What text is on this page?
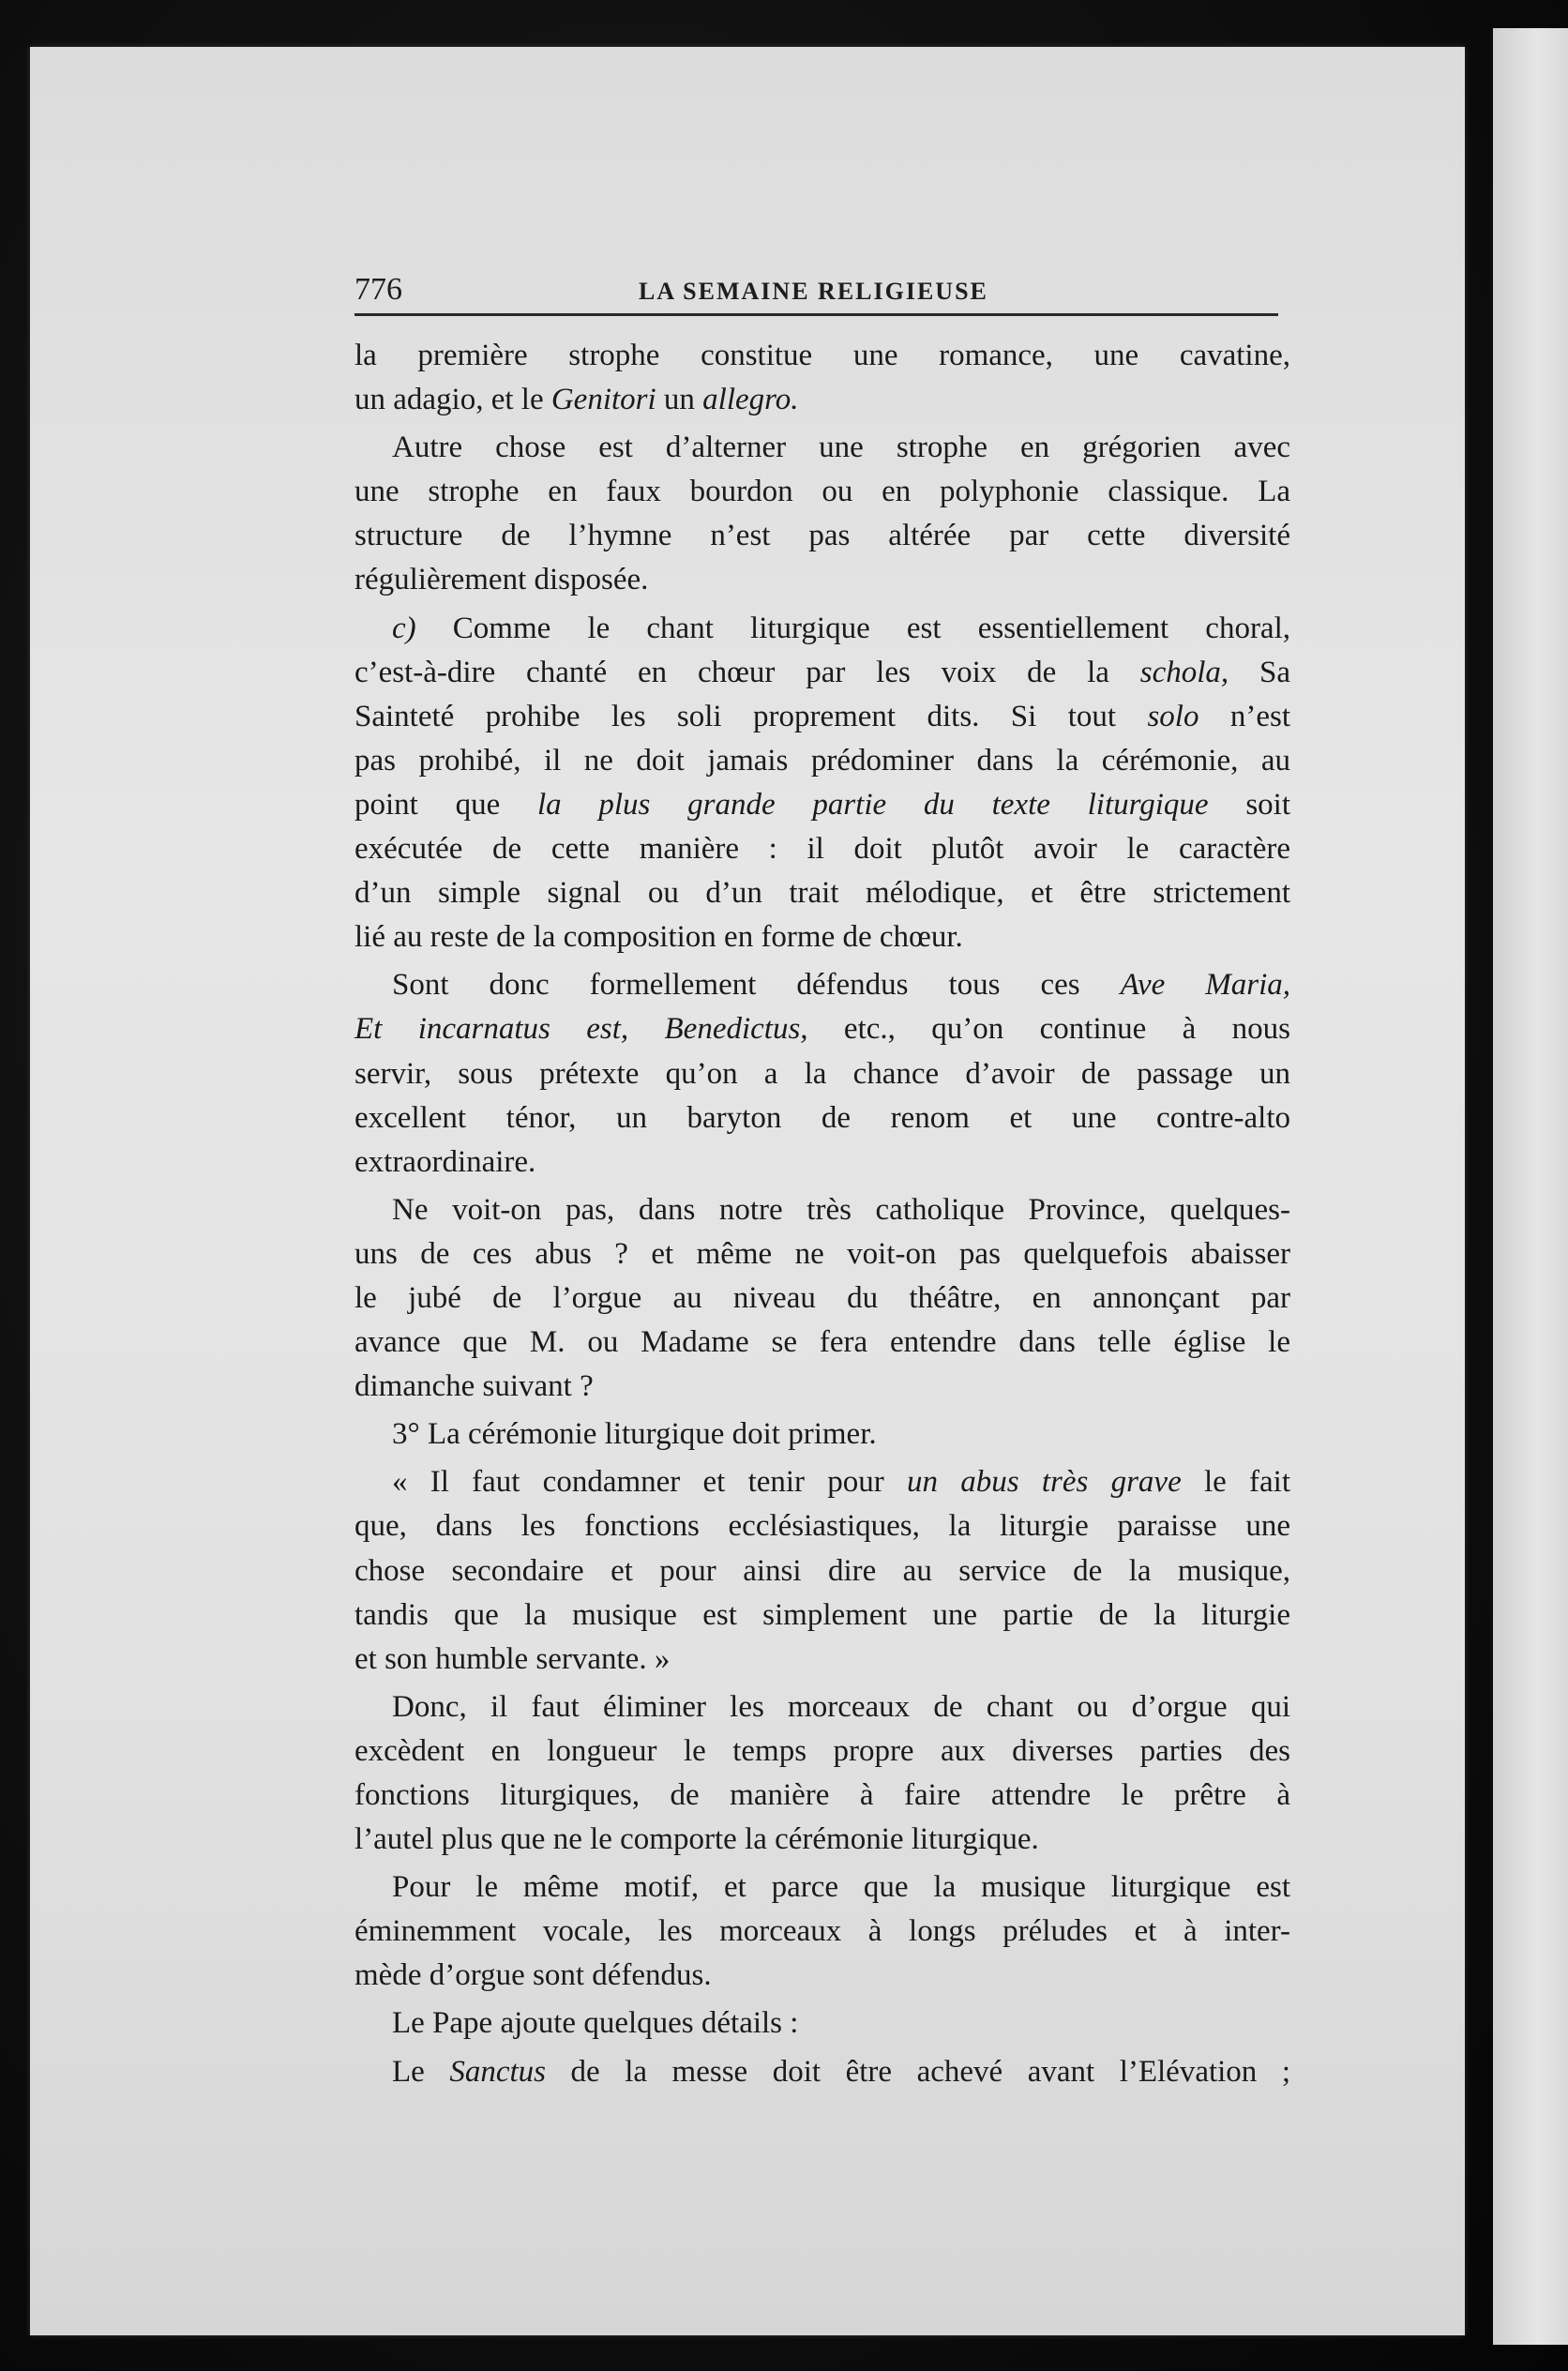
776	LA SEMAINE RELIGIEUSE
la première strophe constitue une romance, une cavatine,
un adagio, et le Genitori un allegro.
Autre chose est d’alterner une strophe en grégorien avec
une strophe en faux bourdon ou en polyphonie classique. La
structure de l’hymne n’est pas altérée par cette diversité
régulièrement disposée.
c) Comme le chant liturgique est essentiellement choral,
c’est-à-dire chanté en chœur par les voix de la schola, Sa
Sainteté prohibe les soli proprement dits. Si tout solo n’est
pas prohibé, il ne doit jamais prédominer dans la cérémonie, au
point que la plus grande partie du texte liturgique soit
exécutée de cette manière : il doit plutôt avoir le caractère
d’un simple signal ou d’un trait mélodique, et être strictement
lié au reste de la composition en forme de chœur.
Sont donc formellement défendus tous ces Ave Maria,
Et incarnatus est, Benedictus, etc., qu’on continue à nous
servir, sous prétexte qu’on a la chance d’avoir de passage un
excellent ténor, un baryton de renom et une contre-alto
extraordinaire.
Ne voit-on pas, dans notre très catholique Province, quelques-
uns de ces abus ? et même ne voit-on pas quelquefois abaisser
le jubé de l’orgue au niveau du théâtre, en annonçant par
avance que M. ou Madame se fera entendre dans telle église le
dimanche suivant ?
3° La cérémonie liturgique doit primer.
« Il faut condamner et tenir pour un abus très grave le fait
que, dans les fonctions ecclésiastiques, la liturgie paraisse une
chose secondaire et pour ainsi dire au service de la musique,
tandis que la musique est simplement une partie de la liturgie
et son humble servante. »
Donc, il faut éliminer les morceaux de chant ou d’orgue qui
excèdent en longueur le temps propre aux diverses parties des
fonctions liturgiques, de manière à faire attendre le prêtre à
l’autel plus que ne le comporte la cérémonie liturgique.
Pour le même motif, et parce que la musique liturgique est
éminemment vocale, les morceaux à longs préludes et à inter-
mède d’orgue sont défendus.
Le Pape ajoute quelques détails :
Le Sanctus de la messe doit être achevé avant l’Elévation ;
